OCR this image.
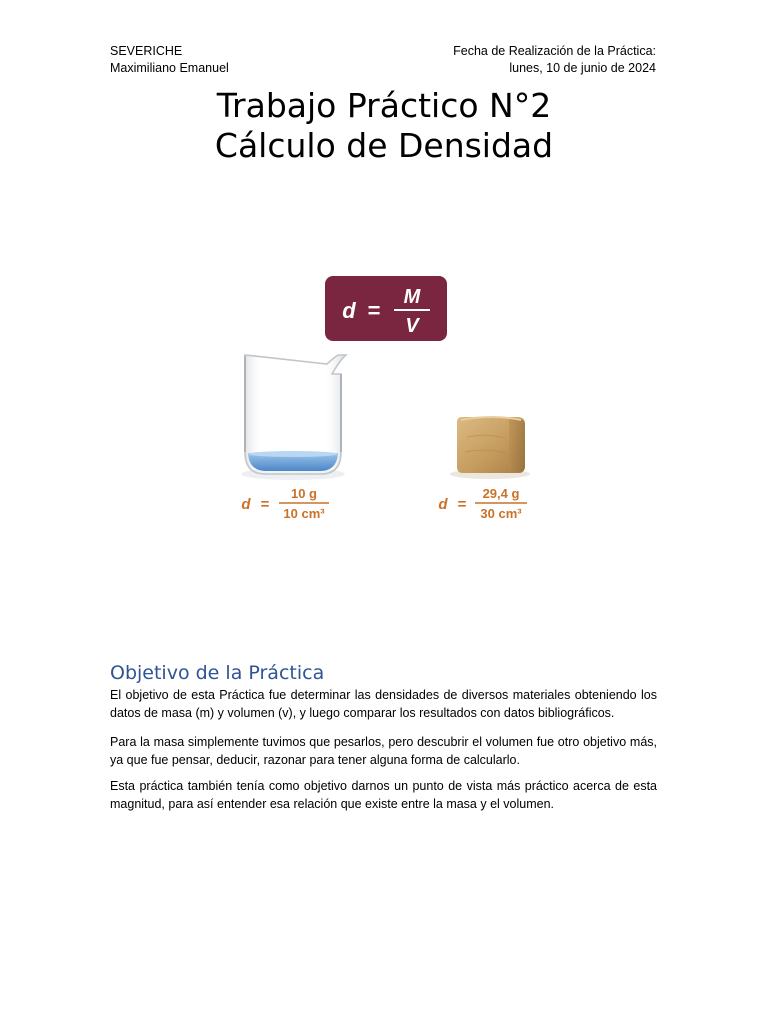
SEVERICHE
Maximiliano Emanuel
Fecha de Realización de la Práctica:
lunes, 10 de junio de 2024
Trabajo Práctico N°2
Cálculo de Densidad
d =
M
V
d =
10 g
10 cm³
d =
29,4 g
30 cm³
Objetivo de la Práctica

El objetivo de esta Práctica fue determinar las densidades de diversos materiales obteniendo los datos de masa (m) y volumen (v), y luego comparar los resultados con datos bibliográficos.

Para la masa simplemente tuvimos que pesarlos, pero descubrir el volumen fue otro objetivo más, ya que fue pensar, deducir, razonar para tener alguna forma de calcularlo.

Esta práctica también tenía como objetivo darnos un punto de vista más práctico acerca de esta magnitud, para así entender esa relación que existe entre la masa y el volumen.
